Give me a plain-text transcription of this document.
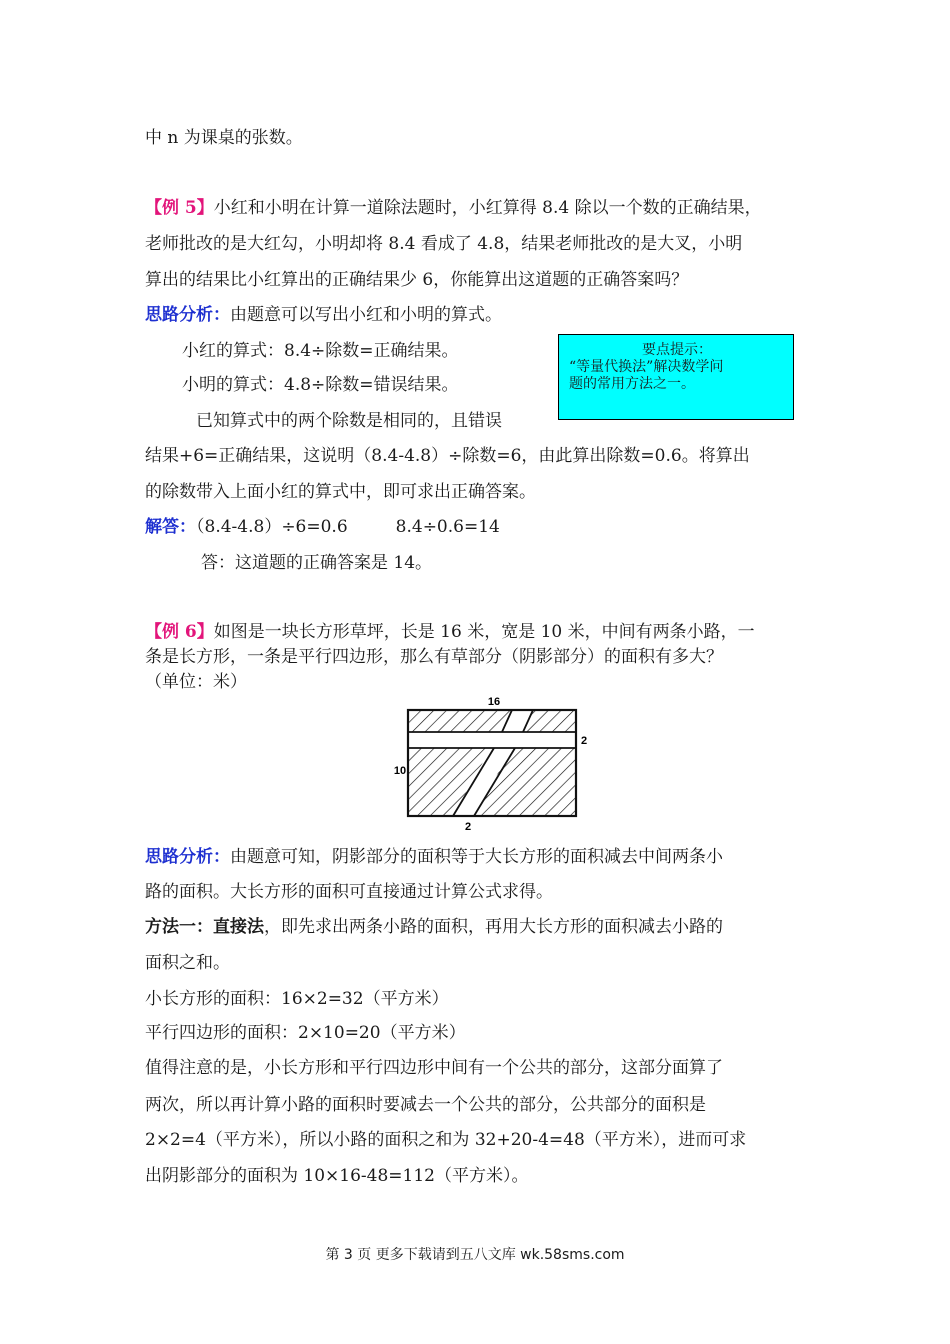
中 n 为课桌的张数。
【例 5】小红和小明在计算一道除法题时，小红算得 8.4 除以一个数的正确结果，
老师批改的是大红勾，小明却将 8.4 看成了 4.8，结果老师批改的是大叉，小明
算出的结果比小红算出的正确结果少 6，你能算出这道题的正确答案吗？
思路分析：由题意可以写出小红和小明的算式。
小红的算式：8.4÷除数=正确结果。
小明的算式：4.8÷除数=错误结果。
已知算式中的两个除数是相同的，且错误
结果+6=正确结果，这说明（8.4-4.8）÷除数=6，由此算出除数=0.6。将算出
的除数带入上面小红的算式中，即可求出正确答案。
要点提示：
“等量代换法”解决数学问
题的常用方法之一。
解答：（8.4-4.8）÷6=0.6	8.4÷0.6=14
答：这道题的正确答案是 14。
【例 6】如图是一块长方形草坪，长是 16 米，宽是 10 米，中间有两条小路，一
条是长方形，一条是平行四边形，那么有草部分（阴影部分）的面积有多大？
（单位：米）
16
2
10
2
思路分析：由题意可知，阴影部分的面积等于大长方形的面积减去中间两条小
路的面积。大长方形的面积可直接通过计算公式求得。
方法一：直接法，即先求出两条小路的面积，再用大长方形的面积减去小路的
面积之和。
小长方形的面积：16×2=32（平方米）
平行四边形的面积：2×10=20（平方米）
值得注意的是，小长方形和平行四边形中间有一个公共的部分，这部分面算了
两次，所以再计算小路的面积时要减去一个公共的部分，公共部分的面积是
2×2=4（平方米），所以小路的面积之和为 32+20-4=48（平方米），进而可求
出阴影部分的面积为 10×16-48=112（平方米）。
第 3 页 更多下载请到五八文库 wk.58sms.com
